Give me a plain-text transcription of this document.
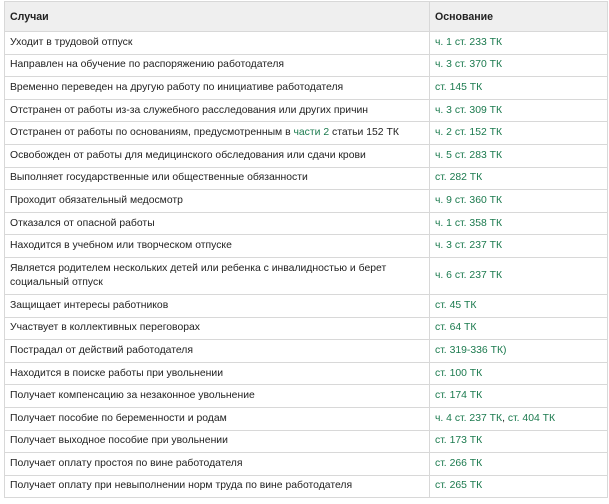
Случаи	Основание
Уходит в трудовой отпуск	ч. 1 ст. 233 ТК
Направлен на обучение по распоряжению работодателя	ч. 3 ст. 370 ТК
Временно переведен на другую работу по инициативе работодателя	ст. 145 ТК
Отстранен от работы из-за служебного расследования или других причин	ч. 3 ст. 309 ТК
Отстранен от работы по основаниям, предусмотренным в части 2 статьи 152 ТК	ч. 2 ст. 152 ТК
Освобожден от работы для медицинского обследования или сдачи крови	ч. 5 ст. 283 ТК
Выполняет государственные или общественные обязанности	ст. 282 ТК
Проходит обязательный медосмотр	ч. 9 ст. 360 ТК
Отказался от опасной работы	ч. 1 ст. 358 ТК
Находится в учебном или творческом отпуске	ч. 3 ст. 237 ТК
Является родителем нескольких детей или ребенка с инвалидностью и берет социальный отпуск	ч. 6 ст. 237 ТК
Защищает интересы работников	ст. 45 ТК
Участвует в коллективных переговорах	ст. 64 ТК
Пострадал от действий работодателя	ст. 319-336 ТК)
Находится в поиске работы при увольнении	ст. 100 ТК
Получает компенсацию за незаконное увольнение	ст. 174 ТК
Получает пособие по беременности и родам	ч. 4 ст. 237 ТК, ст. 404 ТК
Получает выходное пособие при увольнении	ст. 173 ТК
Получает оплату простоя по вине работодателя	ст. 266 ТК
Получает оплату при невыполнении норм труда по вине работодателя	ст. 265 ТК
